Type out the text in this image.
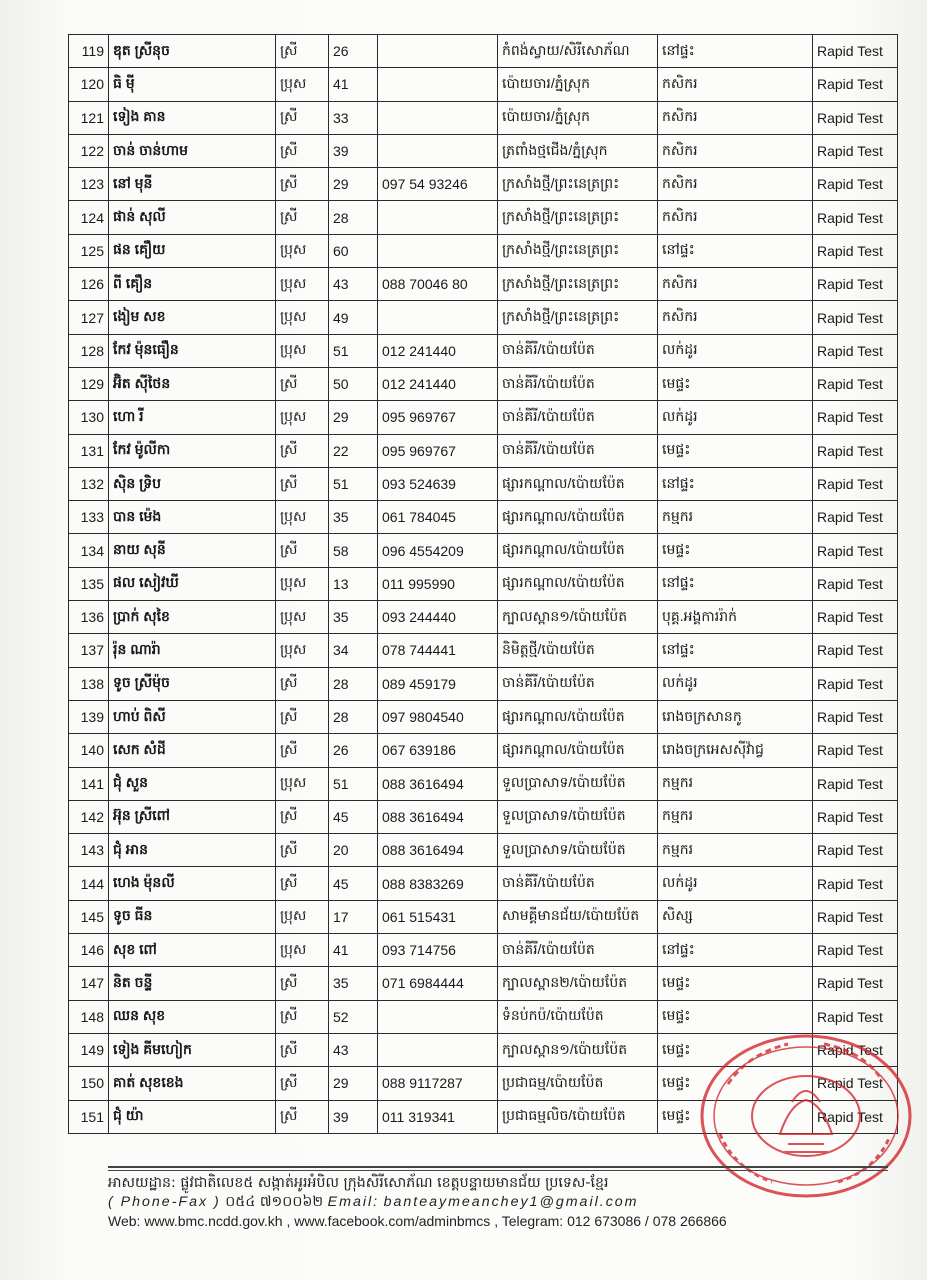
119	ឌុត ស្រីនុច	ស្រី	26		កំពង់ស្វាយ/សិរីសោភ័ណ	នៅផ្ទះ	Rapid Test
120	ធិ ម៉ី	ប្រុស	41		ប៉ោយចារ/ភ្នំស្រុក	កសិករ	Rapid Test
121	ទៀង គាន	ស្រី	33		ប៉ោយចារ/ភ្នំស្រុក	កសិករ	Rapid Test
122	ចាន់ ចាន់ហាម	ស្រី	39		ត្រពាំងថ្មជើង/ភ្នំស្រុក	កសិករ	Rapid Test
123	នៅ មុនី	ស្រី	29	097 54 93246	ក្រសាំងថ្មី/ព្រះនេត្រព្រះ	កសិករ	Rapid Test
124	ផាន់ សុលី	ស្រី	28		ក្រសាំងថ្មី/ព្រះនេត្រព្រះ	កសិករ	Rapid Test
125	ផន គឿយ	ប្រុស	60		ក្រសាំងថ្មី/ព្រះនេត្រព្រះ	នៅផ្ទះ	Rapid Test
126	ពី គឿន	ប្រុស	43	088 70046 80	ក្រសាំងថ្មី/ព្រះនេត្រព្រះ	កសិករ	Rapid Test
127	ងៀម សខ	ប្រុស	49		ក្រសាំងថ្មី/ព្រះនេត្រព្រះ	កសិករ	Rapid Test
128	កែវ ម៉ុនធឿន	ប្រុស	51	012 241440	ចាន់គីរី/ប៉ោយប៉ែត	លក់ដូរ	Rapid Test
129	អ៊ិត ស៊ីថៃន	ស្រី	50	012 241440	ចាន់គីរី/ប៉ោយប៉ែត	មេផ្ទះ	Rapid Test
130	ហោ រី	ប្រុស	29	095 969767	ចាន់គីរី/ប៉ោយប៉ែត	លក់ដូរ	Rapid Test
131	កែវ ម៉ូលីកា	ស្រី	22	095 969767	ចាន់គីរី/ប៉ោយប៉ែត	មេផ្ទះ	Rapid Test
132	ស៊ិន ទ្រិប	ស្រី	51	093 524639	ផ្សារកណ្ដាល/ប៉ោយប៉ែត	នៅផ្ទះ	Rapid Test
133	បាន ម៉េង	ប្រុស	35	061 784045	ផ្សារកណ្ដាល/ប៉ោយប៉ែត	កម្មករ	Rapid Test
134	នាយ សុនី	ស្រី	58	096 4554209	ផ្សារកណ្ដាល/ប៉ោយប៉ែត	មេផ្ទះ	Rapid Test
135	ផល សៀវឃី	ប្រុស	13	011 995990	ផ្សារកណ្ដាល/ប៉ោយប៉ែត	នៅផ្ទះ	Rapid Test
136	ប្រាក់ សុខៃ	ប្រុស	35	093 244440	ក្បាលស្ពាន១/ប៉ោយប៉ែត	បុគ្គ.អង្គការរ៉ាក់	Rapid Test
137	រ៉ុន ណារ៉ា	ប្រុស	34	078 744441	និមិត្តថ្មី/ប៉ោយប៉ែត	នៅផ្ទះ	Rapid Test
138	ទូច ស្រីម៉ុច	ស្រី	28	089 459179	ចាន់គីរី/ប៉ោយប៉ែត	លក់ដូរ	Rapid Test
139	ហាប់ ពិសី	ស្រី	28	097 9804540	ផ្សារកណ្ដាល/ប៉ោយប៉ែត	រោងចក្រសានកូ	Rapid Test
140	សេក សំដី	ស្រី	26	067 639186	ផ្សារកណ្ដាល/ប៉ោយប៉ែត	រោងចក្រអេសស៊ីវ៉ាជ្វ	Rapid Test
141	ជុំ សួន	ប្រុស	51	088 3616494	ទួលប្រាសាទ/ប៉ោយប៉ែត	កម្មករ	Rapid Test
142	អ៊ុន ស្រីពៅ	ស្រី	45	088 3616494	ទួលប្រាសាទ/ប៉ោយប៉ែត	កម្មករ	Rapid Test
143	ជុំ អាន	ស្រី	20	088 3616494	ទួលប្រាសាទ/ប៉ោយប៉ែត	កម្មករ	Rapid Test
144	ហេង ម៉ុនលី	ស្រី	45	088 8383269	ចាន់គីរី/ប៉ោយប៉ែត	លក់ដូរ	Rapid Test
145	ទូច ធីន	ប្រុស	17	061 515431	សាមគ្គីមានជ័យ/ប៉ោយប៉ែត	សិស្ស	Rapid Test
146	សុខ ពៅ	ប្រុស	41	093 714756	ចាន់គីរី/ប៉ោយប៉ែត	នៅផ្ទះ	Rapid Test
147	និត ចន្ទី	ស្រី	35	071 6984444	ក្បាលស្ពាន២/ប៉ោយប៉ែត	មេផ្ទះ	Rapid Test
148	ឈន សុខ	ស្រី	52		ទំនប់កប៉/ប៉ោយប៉ែត	មេផ្ទះ	Rapid Test
149	ទៀង គីមហៀក	ស្រី	43		ក្បាលស្ពាន១/ប៉ោយប៉ែត	មេផ្ទះ	Rapid Test
150	គាត់ សុខខេង	ស្រី	29	088 9117287	ប្រជាធម្ម/ប៉ោយប៉ែត	មេផ្ទះ	Rapid Test
151	ជុំ យ៉ា	ស្រី	39	011 319341	ប្រជាធម្មលិច/ប៉ោយប៉ែត	មេផ្ទះ	Rapid Test
អាសយដ្ឋាន: ផ្លូវជាតិលេខ៥ សង្កាត់អូរអំបិល ក្រុងសិរីសោភ័ណ ខេត្តបន្ទាយមានជ័យ ប្រទេស-ខ្មែរ
( Phone-Fax ) ០៥៤ ៧១០០៦២ Email: banteaymeanchey1@gmail.com
Web: www.bmc.ncdd.gov.kh , www.facebook.com/adminbmcs , Telegram: 012 673086 / 078 266866
